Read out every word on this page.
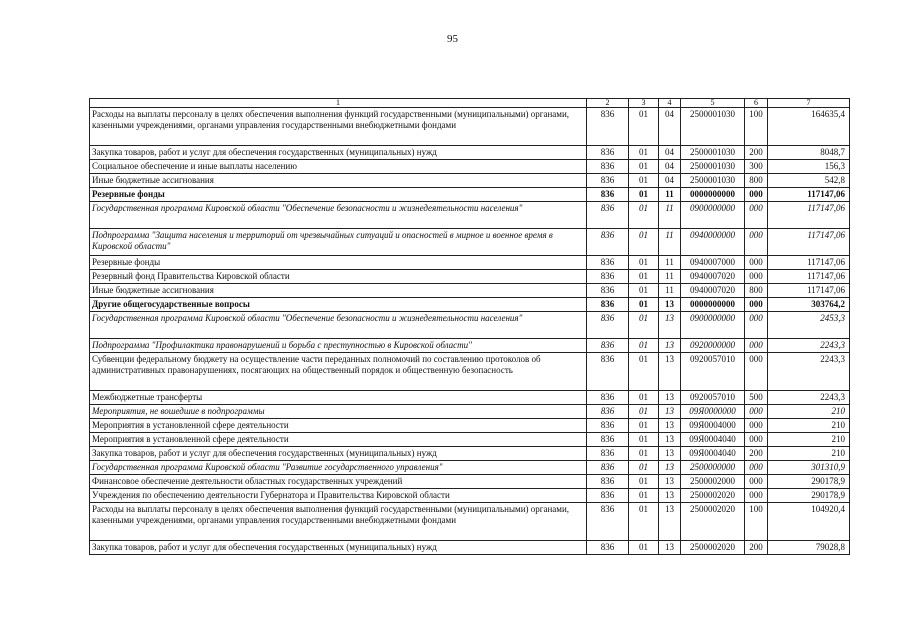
95
1	2	3	4	5	6	7
Расходы на выплаты персоналу в целях обеспечения выполнения функций государственными (муниципальными) органами, казенными учреждениями, органами управления государственными внебюджетными фондами	836	01	04	2500001030	100	164635,4
Закупка товаров, работ и услуг для обеспечения государственных (муниципальных) нужд	836	01	04	2500001030	200	8048,7
Социальное обеспечение и иные выплаты населению	836	01	04	2500001030	300	156,3
Иные бюджетные ассигнования	836	01	04	2500001030	800	542,8
Резервные фонды	836	01	11	0000000000	000	117147,06
Государственная программа Кировской области "Обеспечение безопасности и жизнедеятельности населения"	836	01	11	0900000000	000	117147,06
Подпрограмма "Защита населения и территорий от чрезвычайных ситуаций и опасностей в мирное и военное время в Кировской области"	836	01	11	0940000000	000	117147,06
Резервные фонды	836	01	11	0940007000	000	117147,06
Резервный фонд Правительства Кировской области	836	01	11	0940007020	000	117147,06
Иные бюджетные ассигнования	836	01	11	0940007020	800	117147,06
Другие общегосударственные вопросы	836	01	13	0000000000	000	303764,2
Государственная программа Кировской области "Обеспечение безопасности и жизнедеятельности населения"	836	01	13	0900000000	000	2453,3
Подпрограмма "Профилактика правонарушений и борьба с преступностью в Кировской области"	836	01	13	0920000000	000	2243,3
Субвенции федеральному бюджету на осуществление части переданных полномочий по составлению протоколов об административных правонарушениях, посягающих на общественный порядок и общественную безопасность	836	01	13	0920057010	000	2243,3
Межбюджетные трансферты	836	01	13	0920057010	500	2243,3
Мероприятия, не вошедшие в подпрограммы	836	01	13	09Я0000000	000	210
Мероприятия в установленной сфере деятельности	836	01	13	09Я0004000	000	210
Мероприятия в установленной сфере деятельности	836	01	13	09Я0004040	000	210
Закупка товаров, работ и услуг для обеспечения государственных (муниципальных) нужд	836	01	13	09Я0004040	200	210
Государственная программа Кировской области "Развитие государственного управления"	836	01	13	2500000000	000	301310,9
Финансовое обеспечение деятельности областных государственных учреждений	836	01	13	2500002000	000	290178,9
Учреждения по обеспечению деятельности Губернатора и Правительства Кировской области	836	01	13	2500002020	000	290178,9
Расходы на выплаты персоналу в целях обеспечения выполнения функций государственными (муниципальными) органами, казенными учреждениями, органами управления государственными внебюджетными фондами	836	01	13	2500002020	100	104920,4
Закупка товаров, работ и услуг для обеспечения государственных (муниципальных) нужд	836	01	13	2500002020	200	79028,8
